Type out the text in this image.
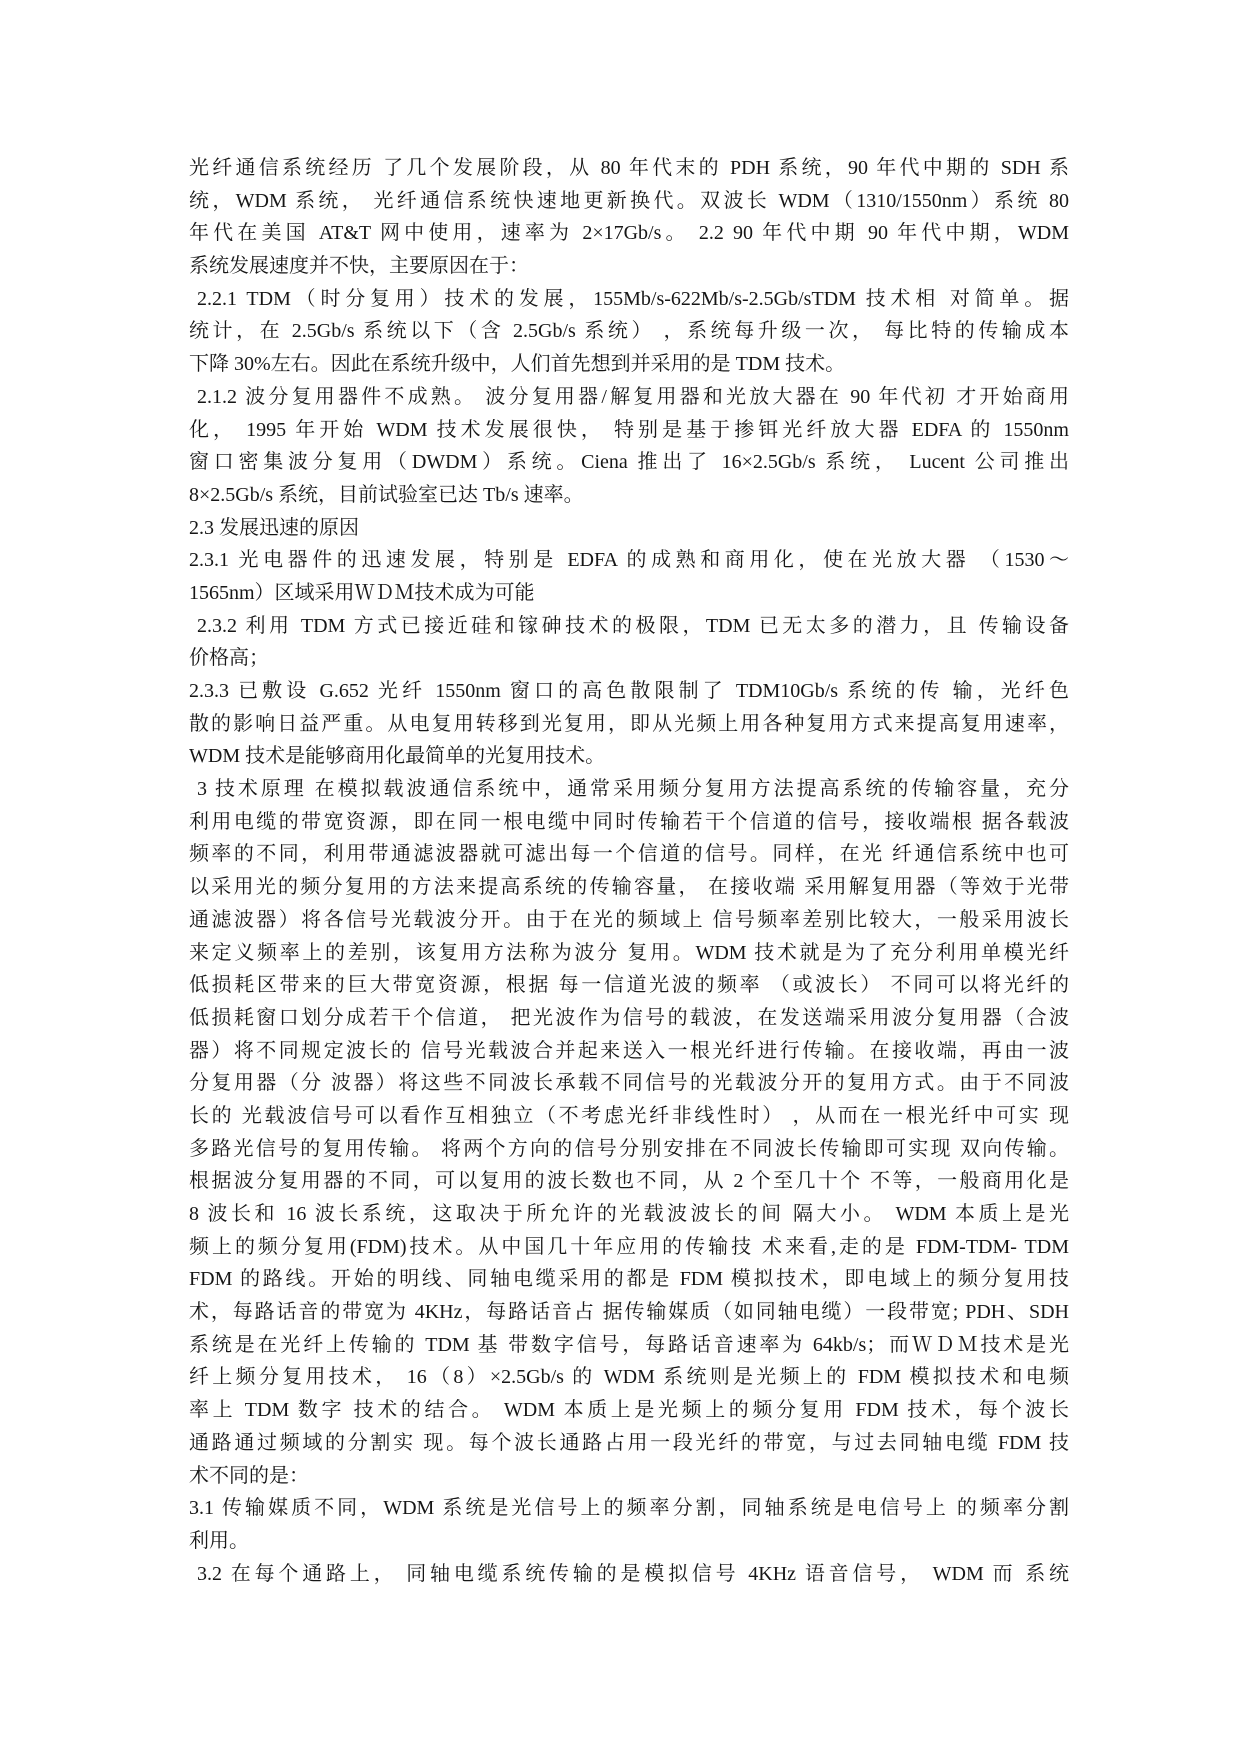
光纤通信系统经历 了几个发展阶段，从 80 年代末的 PDH 系统，90 年代中期的 SDH 系
统，WDM 系统， 光纤通信系统快速地更新换代。双波长 WDM（1310/1550nm）系统 80
年代在美国 AT&T 网中使用，速率为 2×17Gb/s。 2.2 90 年代中期 90 年代中期，WDM
系统发展速度并不快，主要原因在于：
2.2.1 TDM（时分复用）技术的发展，155Mb/s-622Mb/s-2.5Gb/sTDM 技术相 对简单。据
统计，在 2.5Gb/s 系统以下（含 2.5Gb/s 系统） ，系统每升级一次， 每比特的传输成本
下降 30%左右。因此在系统升级中，人们首先想到并采用的是 TDM 技术。
2.1.2 波分复用器件不成熟。 波分复用器/解复用器和光放大器在 90 年代初 才开始商用
化， 1995 年开始 WDM 技术发展很快， 特别是基于掺铒光纤放大器 EDFA 的 1550nm
窗口密集波分复用（DWDM）系统。Ciena 推出了 16×2.5Gb/s 系统， Lucent 公司推出
8×2.5Gb/s 系统，目前试验室已达 Tb/s 速率。
2.3 发展迅速的原因
2.3.1 光电器件的迅速发展，特别是 EDFA 的成熟和商用化，使在光放大器 （1530～
1565nm）区域采用ＷＤＭ技术成为可能
2.3.2 利用 TDM 方式已接近硅和镓砷技术的极限，TDM 已无太多的潜力，且 传输设备
价格高；
2.3.3 已敷设 G.652 光纤 1550nm 窗口的高色散限制了 TDM10Gb/s 系统的传 输，光纤色
散的影响日益严重。从电复用转移到光复用，即从光频上用各种复用方式来提高复用速率，
WDM 技术是能够商用化最简单的光复用技术。
3 技术原理 在模拟载波通信系统中，通常采用频分复用方法提高系统的传输容量，充分
利用电缆的带宽资源，即在同一根电缆中同时传输若干个信道的信号，接收端根 据各载波
频率的不同，利用带通滤波器就可滤出每一个信道的信号。同样，在光 纤通信系统中也可
以采用光的频分复用的方法来提高系统的传输容量， 在接收端 采用解复用器（等效于光带
通滤波器）将各信号光载波分开。由于在光的频域上 信号频率差别比较大，一般采用波长
来定义频率上的差别，该复用方法称为波分 复用。WDM 技术就是为了充分利用单模光纤
低损耗区带来的巨大带宽资源，根据 每一信道光波的频率 （或波长） 不同可以将光纤的
低损耗窗口划分成若干个信道， 把光波作为信号的载波，在发送端采用波分复用器（合波
器）将不同规定波长的 信号光载波合并起来送入一根光纤进行传输。在接收端，再由一波
分复用器（分 波器）将这些不同波长承载不同信号的光载波分开的复用方式。由于不同波
长的 光载波信号可以看作互相独立（不考虑光纤非线性时） ，从而在一根光纤中可实 现
多路光信号的复用传输。 将两个方向的信号分别安排在不同波长传输即可实现 双向传输。
根据波分复用器的不同，可以复用的波长数也不同，从 2 个至几十个 不等，一般商用化是
8 波长和 16 波长系统，这取决于所允许的光载波波长的间 隔大小。 WDM 本质上是光
频上的频分复用(FDM)技术。从中国几十年应用的传输技 术来看,走的是 FDM-TDM- TDM
FDM 的路线。开始的明线、同轴电缆采用的都是 FDM 模拟技术，即电域上的频分复用技
术，每路话音的带宽为 4KHz，每路话音占 据传输媒质（如同轴电缆）一段带宽; PDH、SDH
系统是在光纤上传输的 TDM 基 带数字信号，每路话音速率为 64kb/s；而ＷＤＭ技术是光
纤上频分复用技术， 16（8）×2.5Gb/s 的 WDM 系统则是光频上的 FDM 模拟技术和电频
率上 TDM 数字 技术的结合。 WDM 本质上是光频上的频分复用 FDM 技术，每个波长
通路通过频域的分割实 现。每个波长通路占用一段光纤的带宽，与过去同轴电缆 FDM 技
术不同的是：
3.1 传输媒质不同，WDM 系统是光信号上的频率分割，同轴系统是电信号上 的频率分割
利用。
3.2 在每个通路上， 同轴电缆系统传输的是模拟信号 4KHz 语音信号， WDM 而 系统
